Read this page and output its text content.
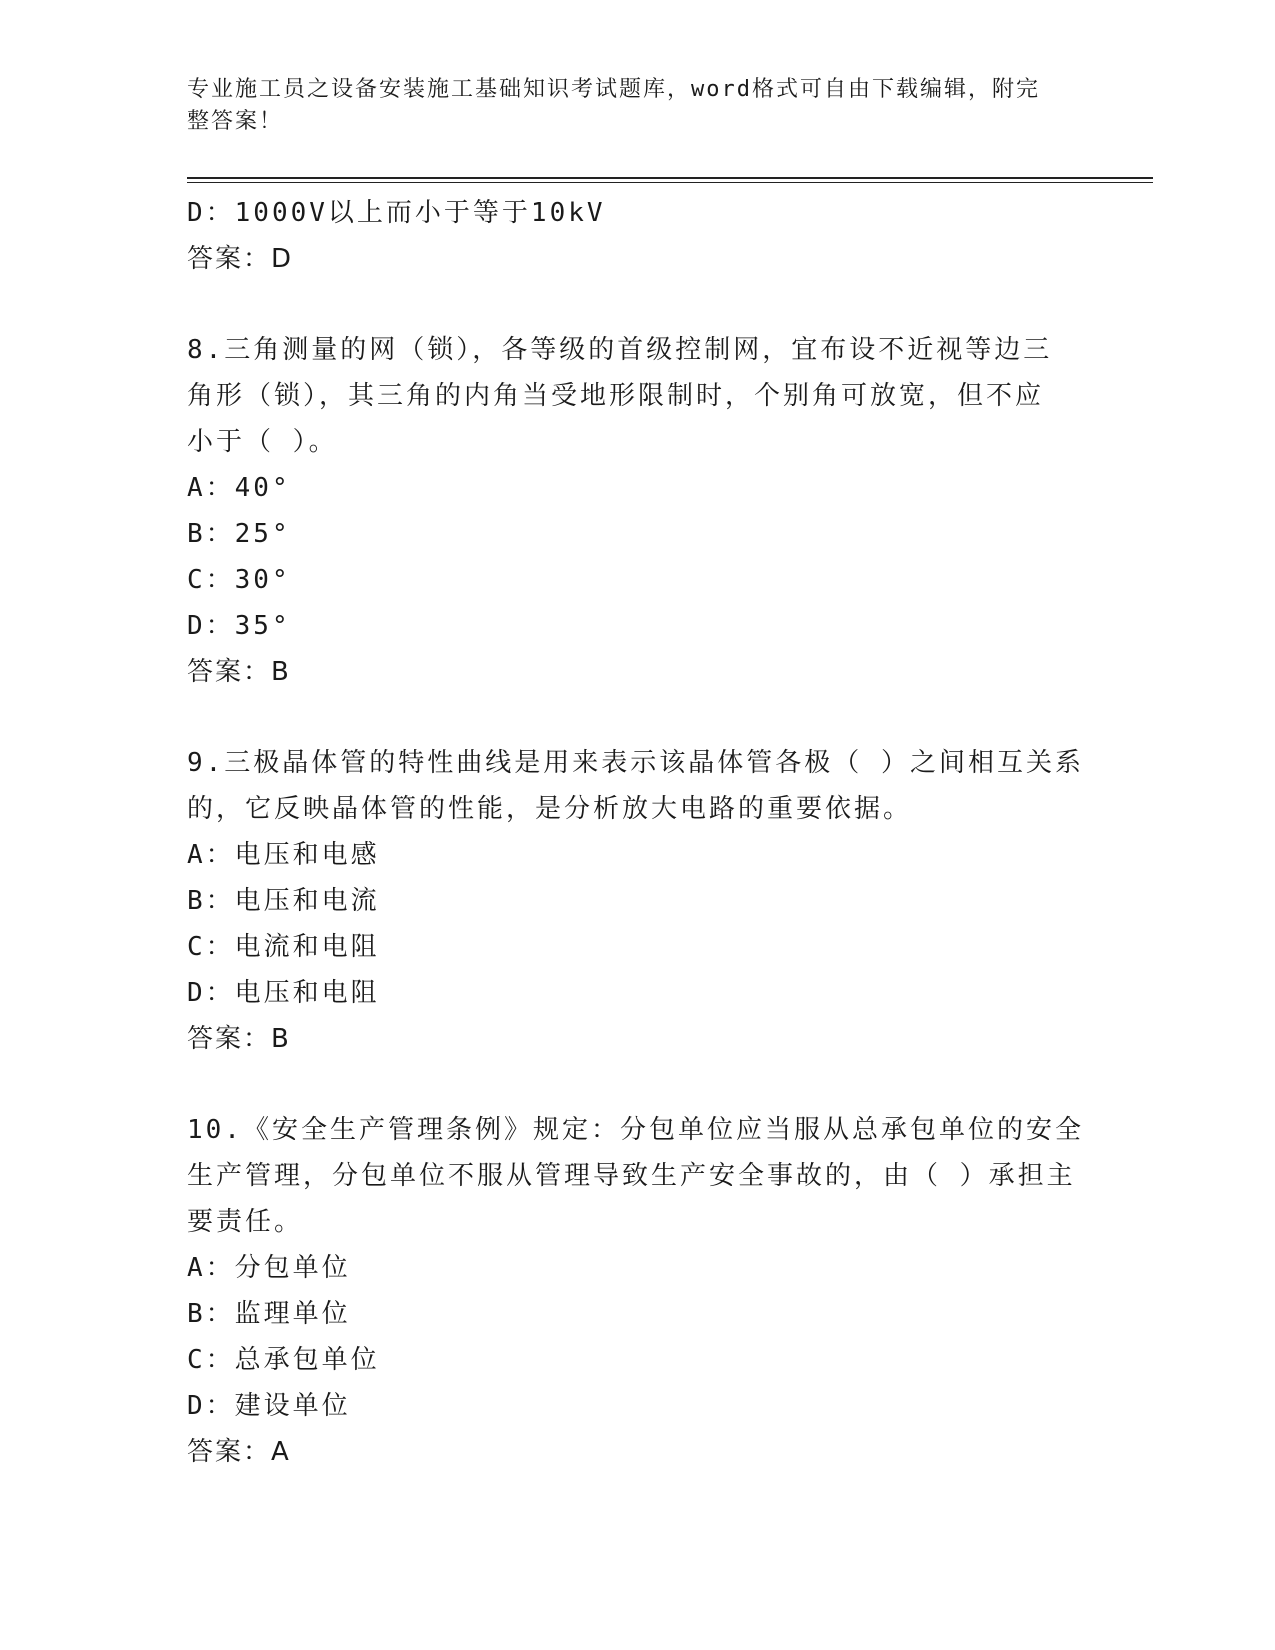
专业施工员之设备安装施工基础知识考试题库，word格式可自由下载编辑，附完
整答案！
D：1000V以上而小于等于10kV
答案：D
8.三角测量的网（锁），各等级的首级控制网，宜布设不近视等边三
角形（锁），其三角的内角当受地形限制时，个别角可放宽，但不应
小于（ ）。
A：40°
B：25°
C：30°
D：35°
答案：B
9.三极晶体管的特性曲线是用来表示该晶体管各极（ ）之间相互关系
的，它反映晶体管的性能，是分析放大电路的重要依据。
A：电压和电感
B：电压和电流
C：电流和电阻
D：电压和电阻
答案：B
10.《安全生产管理条例》规定：分包单位应当服从总承包单位的安全
生产管理，分包单位不服从管理导致生产安全事故的，由（ ）承担主
要责任。
A：分包单位
B：监理单位
C：总承包单位
D：建设单位
答案：A
